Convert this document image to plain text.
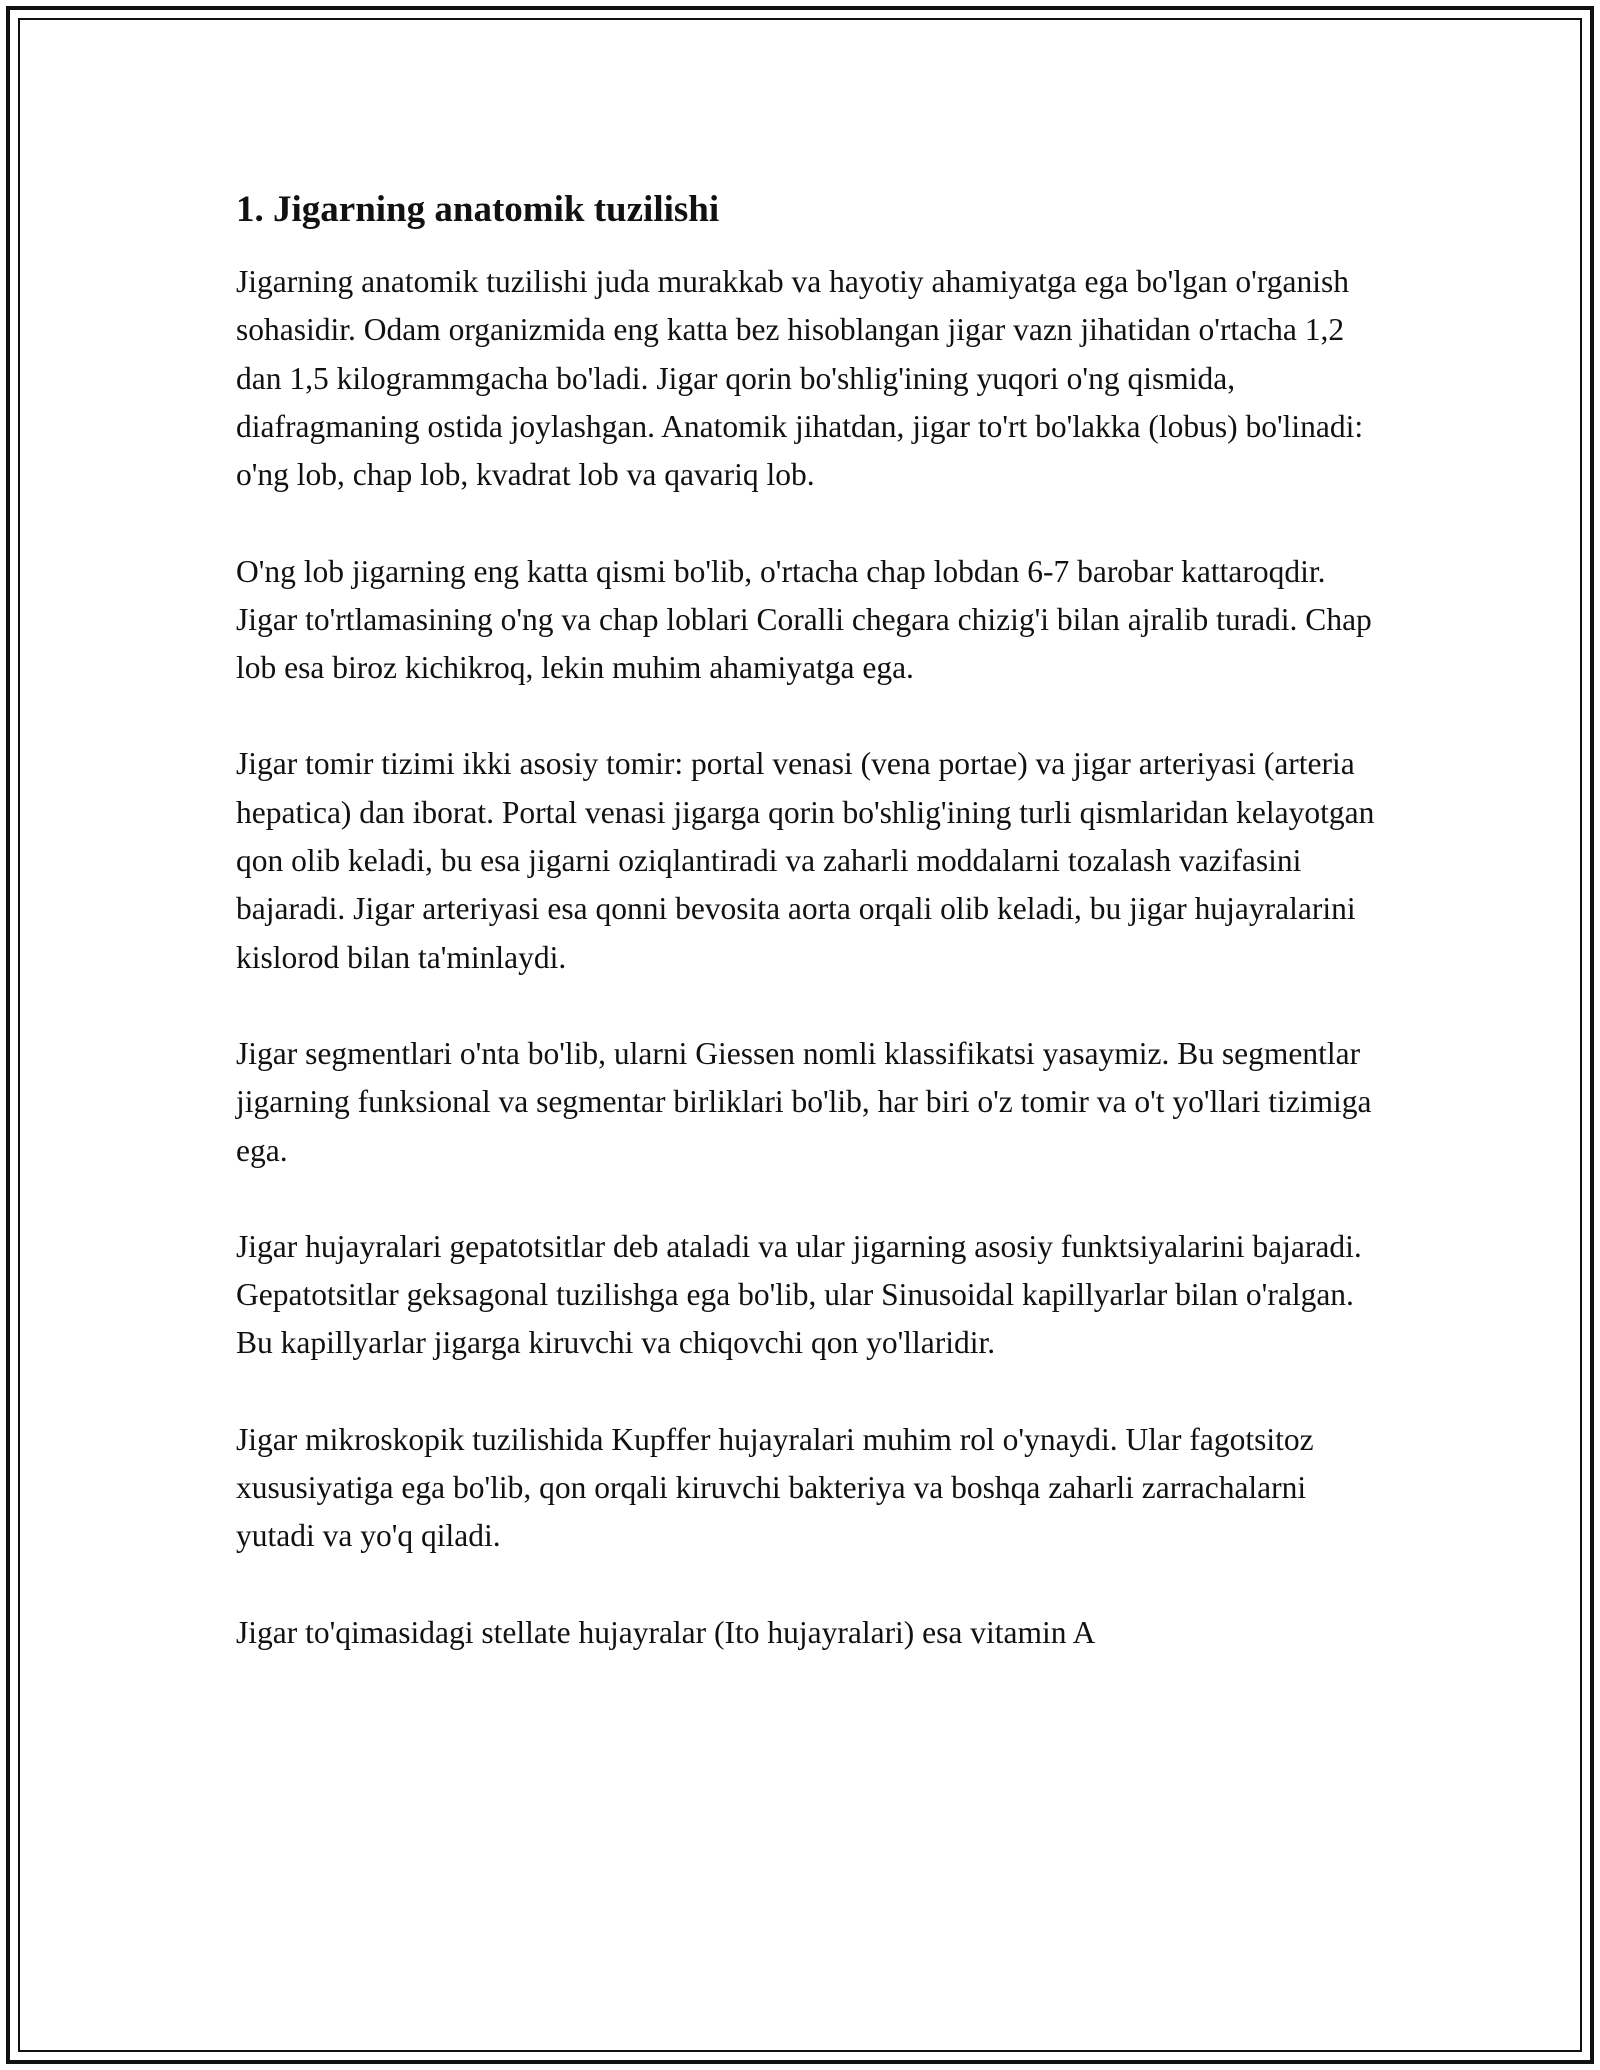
1. Jigarning anatomik tuzilishi

Jigarning anatomik tuzilishi juda murakkab va hayotiy ahamiyatga ega bo'lgan o'rganish sohasidir. Odam organizmida eng katta bez hisoblangan jigar vazn jihatidan o'rtacha 1,2 dan 1,5 kilogrammgacha bo'ladi. Jigar qorin bo'shlig'ining yuqori o'ng qismida, diafragmaning ostida joylashgan. Anatomik jihatdan, jigar to'rt bo'lakka (lobus) bo'linadi: o'ng lob, chap lob, kvadrat lob va qavariq lob.

O'ng lob jigarning eng katta qismi bo'lib, o'rtacha chap lobdan 6-7 barobar kattaroqdir. Jigar to'rtlamasining o'ng va chap loblari Coralli chegara chizig'i bilan ajralib turadi. Chap lob esa biroz kichikroq, lekin muhim ahamiyatga ega.

Jigar tomir tizimi ikki asosiy tomir: portal venasi (vena portae) va jigar arteriyasi (arteria hepatica) dan iborat. Portal venasi jigarga qorin bo'shlig'ining turli qismlaridan kelayotgan qon olib keladi, bu esa jigarni oziqlantiradi va zaharli moddalarni tozalash vazifasini bajaradi. Jigar arteriyasi esa qonni bevosita aorta orqali olib keladi, bu jigar hujayralarini kislorod bilan ta'minlaydi.

Jigar segmentlari o'nta bo'lib, ularni Giessen nomli klassifikatsi yasaymiz. Bu segmentlar jigarning funksional va segmentar birliklari bo'lib, har biri o'z tomir va o't yo'llari tizimiga ega.

Jigar hujayralari gepatotsitlar deb ataladi va ular jigarning asosiy funktsiyalarini bajaradi. Gepatotsitlar geksagonal tuzilishga ega bo'lib, ular Sinusoidal kapillyarlar bilan o'ralgan. Bu kapillyarlar jigarga kiruvchi va chiqovchi qon yo'llaridir.

Jigar mikroskopik tuzilishida Kupffer hujayralari muhim rol o'ynaydi. Ular fagotsitoz xususiyatiga ega bo'lib, qon orqali kiruvchi bakteriya va boshqa zaharli zarrachalarni yutadi va yo'q qiladi.

Jigar to'qimasidagi stellate hujayralar (Ito hujayralari) esa vitamin A
